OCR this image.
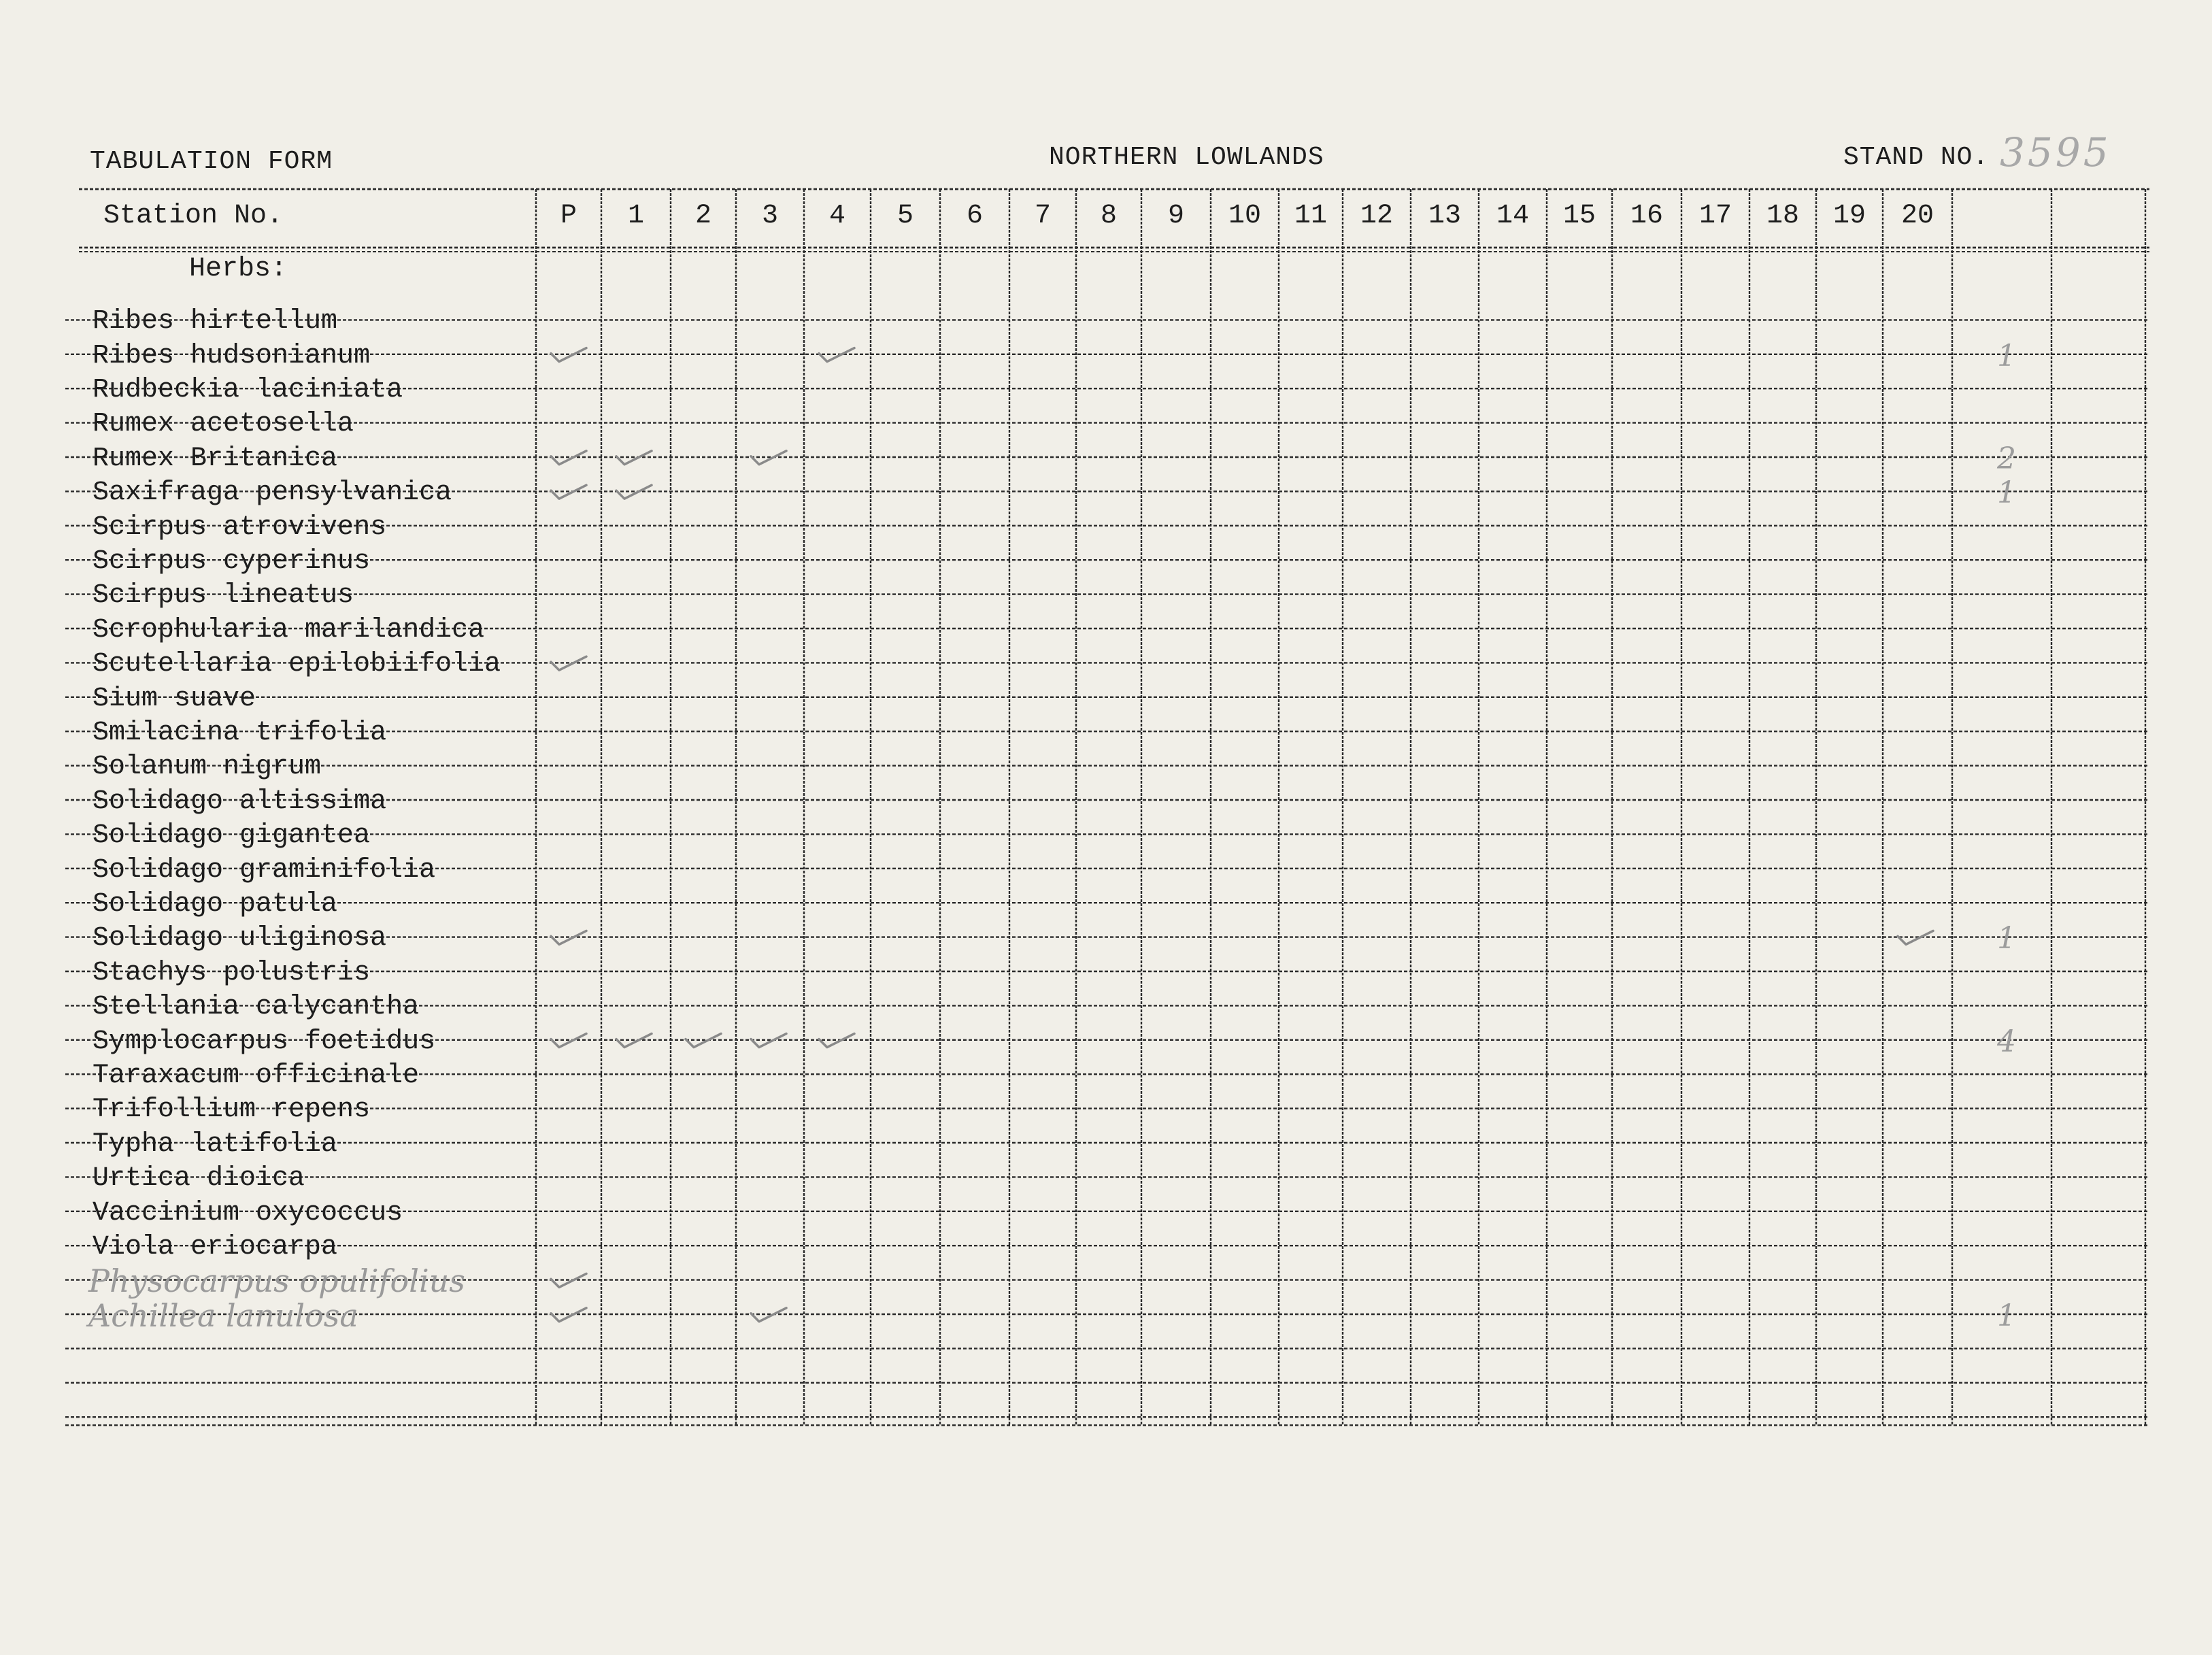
TABULATION FORM	NORTHERN LOWLANDS	STAND NO. 3595
P 1 2 3 4 5 6 7 8 9 10 11 12 13 14 15 16 17 18 19 20
Station No.
Herbs:
Ribes hirtellum
Ribes hudsonianum
Rudbeckia laciniata
Rumex acetosella
Rumex Britanica
Saxifraga pensylvanica
Scirpus atrovivens
Scirpus cyperinus
Scirpus lineatus
Scrophularia marilandica
Scutellaria epilobiifolia
Sium suave
Smilacina trifolia
Solanum nigrum
Solidago altissima
Solidago gigantea
Solidago graminifolia
Solidago patula
Solidago uliginosa
Stachys polustris
Stellania calycantha
Symplocarpus foetidus
Taraxacum officinale
Trifollium repens
Typha latifolia
Urtica dioica
Vaccinium oxycoccus
Viola eriocarpa
Physocarpus opulifolius
Achillea lanulosa
1
2
1
1
4
1
